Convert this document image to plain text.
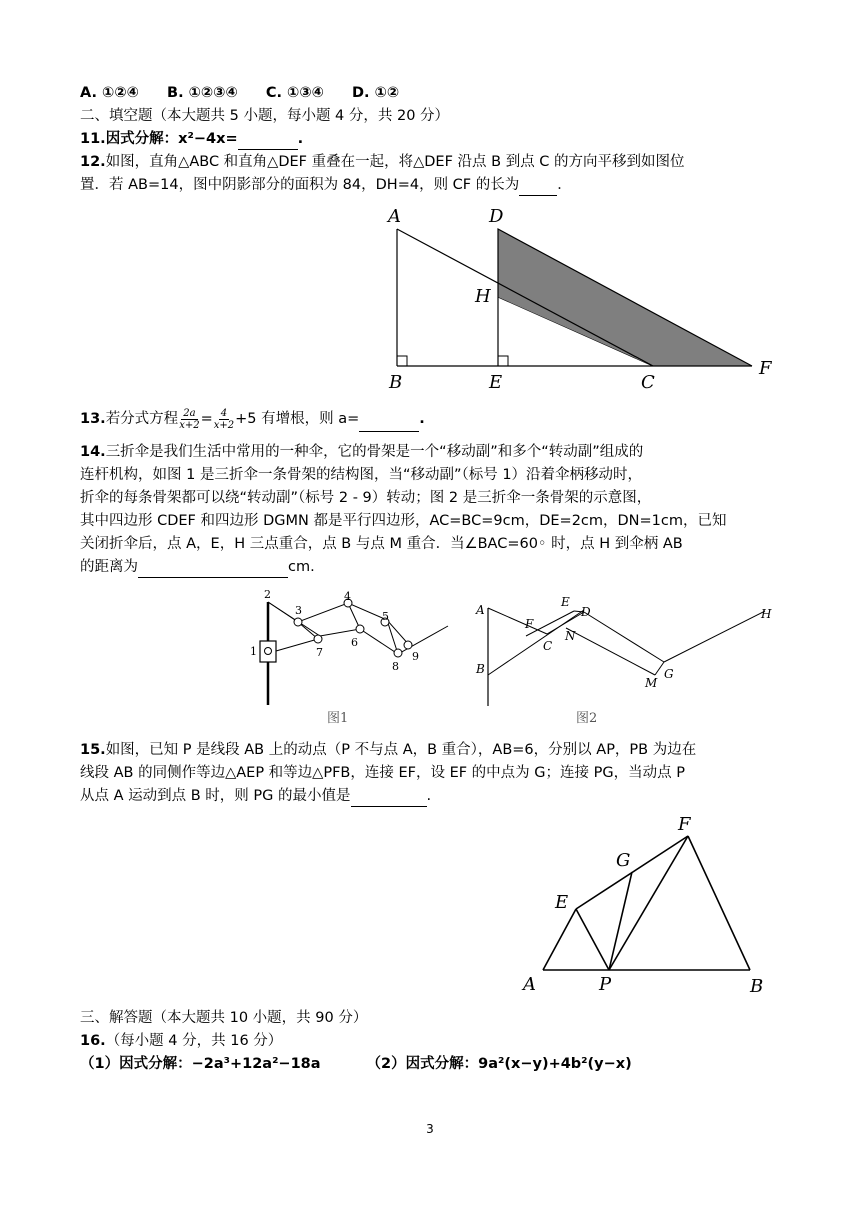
A. ①②④ B. ①②③④ C. ①③④ D. ①②
二、填空题（本大题共 5 小题，每小题 4 分，共 20 分）
11.因式分解：x²−4x=	.
12.如图，直角△ABC 和直角△DEF 重叠在一起，将△DEF 沿点 B 到点 C 的方向平移到如图位
置．若 AB=14，图中阴影部分的面积为 84，DH=4，则 CF 的长为	．
A	D
H
B	E	C
F
13.若分式方程 $\frac{2a}{x+2} = \frac{4}{x+2} +5$ 有增根，则 a=	.
14.三折伞是我们生活中常用的一种伞，它的骨架是一个“移动副”和多个“转动副”组成的
连杆机构，如图 1 是三折伞一条骨架的结构图，当“移动副”（标号 1）沿着伞柄移动时，
折伞的每条骨架都可以绕“转动副”（标号 2 - 9）转动；图 2 是三折伞一条骨架的示意图，
其中四边形 CDEF 和四边形 DGMN 都是平行四边形，AC=BC=9cm，DE=2cm，DN=1cm，已知
关闭折伞后，点 A，E，H 三点重合，点 B 与点 M 重合．当∠BAC=60◦ 时，点 H 到伞柄 AB
的距离为	cm.
1
2
3
4
5
6
7
8
9
图1
A
B
C
F
E
D
N
M
G
H
图2
15.如图，已知 P 是线段 AB 上的动点（P 不与点 A，B 重合），AB=6，分别以 AP，PB 为边在
线段 AB 的同侧作等边△AEP 和等边△PFB，连接 EF，设 EF 的中点为 G；连接 PG，当动点 P
从点 A 运动到点 B 时，则 PG 的最小值是	.
A	P	B
E
G
F
三、解答题（本大题共 10 小题，共 90 分）
16.（每小题 4 分，共 16 分）
（1）因式分解：−2a³+12a²−18a	（2）因式分解：9a²(x−y)+4b²(y−x)
3
